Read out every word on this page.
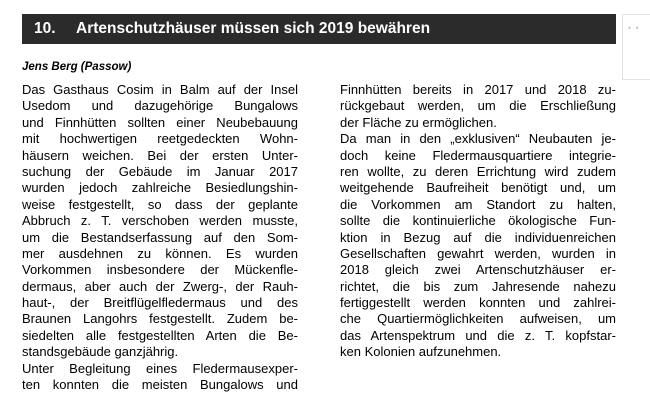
10.	Artenschutzhäuser müssen sich 2019 bewähren
Jens Berg (Passow)
Das Gasthaus Cosim in Balm auf der Insel
Usedom und dazugehörige Bungalows
und Finnhütten sollten einer Neubebauung
mit hochwertigen reetgedeckten Wohn-
häusern weichen. Bei der ersten Unter-
suchung der Gebäude im Januar 2017
wurden jedoch zahlreiche Besiedlungshin-
weise festgestellt, so dass der geplante
Abbruch z. T. verschoben werden musste,
um die Bestandserfassung auf den Som-
mer ausdehnen zu können. Es wurden
Vorkommen insbesondere der Mückenfle-
dermaus, aber auch der Zwerg-, der Rauh-
haut-, der Breitflügelfledermaus und des
Braunen Langohrs festgestellt. Zudem be-
siedelten alle festgestellten Arten die Be-
standsgebäude ganzjährig.
Unter Begleitung eines Fledermausexper-
ten konnten die meisten Bungalows und
Finnhütten bereits in 2017 und 2018 zu-
rückgebaut werden, um die Erschließung
der Fläche zu ermöglichen.
Da man in den „exklusiven“ Neubauten je-
doch keine Fledermausquartiere integrie-
ren wollte, zu deren Errichtung wird zudem
weitgehende Baufreiheit benötigt und, um
die Vorkommen am Standort zu halten,
sollte die kontinuierliche ökologische Fun-
ktion in Bezug auf die individuenreichen
Gesellschaften gewahrt werden, wurden in
2018 gleich zwei Artenschutzhäuser er-
richtet, die bis zum Jahresende nahezu
fertiggestellt werden konnten und zahlrei-
che Quartiermöglichkeiten aufweisen, um
das Artenspektrum und die z. T. kopfstar-
ken Kolonien aufzunehmen.
• •
